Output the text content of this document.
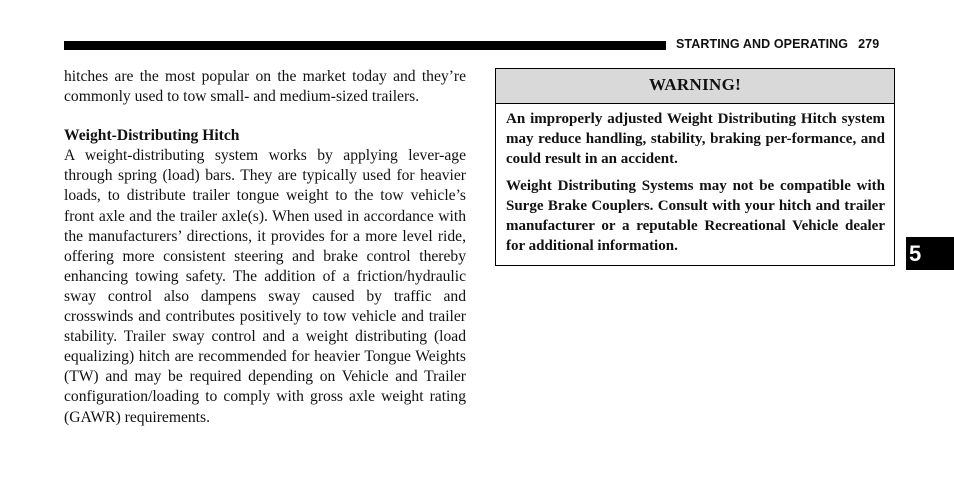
STARTING AND OPERATING 279

hitches are the most popular on the market today and they’re commonly used to tow small- and medium-sized trailers.

Weight-Distributing Hitch

A weight-distributing system works by applying lever-age through spring (load) bars. They are typically used for heavier loads, to distribute trailer tongue weight to the tow vehicle’s front axle and the trailer axle(s). When used in accordance with the manufacturers’ directions, it provides for a more level ride, offering more consistent steering and brake control thereby enhancing towing safety. The addition of a friction/hydraulic sway control also dampens sway caused by traffic and crosswinds and contributes positively to tow vehicle and trailer stability. Trailer sway control and a weight distributing (load equalizing) hitch are recommended for heavier Tongue Weights (TW) and may be required depending on Vehicle and Trailer configuration/loading to comply with gross axle weight rating (GAWR) requirements.

WARNING!

An improperly adjusted Weight Distributing Hitch system may reduce handling, stability, braking per-formance, and could result in an accident.

Weight Distributing Systems may not be compatible with Surge Brake Couplers. Consult with your hitch and trailer manufacturer or a reputable Recreational Vehicle dealer for additional information.	5
